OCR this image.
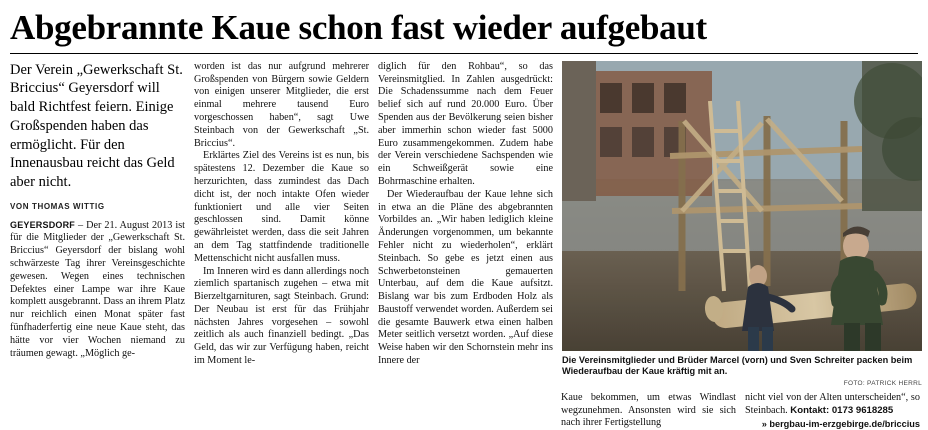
Abgebrannte Kaue schon fast wieder aufgebaut
Der Verein „Gewerkschaft St. Briccius“ Geyersdorf will bald Richtfest feiern. Einige Großspenden haben das ermöglicht. Für den Innenausbau reicht das Geld aber nicht.
VON THOMAS WITTIG

GEYERSDORF – Der 21. August 2013 ist für die Mitglieder der „Gewerkschaft St. Briccius“ Geyersdorf der bislang wohl schwärzeste Tag ihrer Vereinsgeschichte gewesen. Wegen eines technischen Defektes einer Lampe war ihre Kaue komplett ausgebrannt. Dass an ihrem Platz nur reichlich einen Monat später fast fünfhaderfertig eine neue Kaue steht, das hätte vor vier Wochen niemand zu träumen gewagt. „Möglich ge-

worden ist das nur aufgrund mehrerer Großspenden von Bürgern sowie Geldern von einigen unserer Mitglieder, die erst einmal mehrere tausend Euro vorgeschossen haben“, sagt Uwe Steinbach von der Gewerkschaft „St. Briccius“.

Erklärtes Ziel des Vereins ist es nun, bis spätestens 12. Dezember die Kaue so herzurichten, dass zumindest das Dach dicht ist, der noch intakte Ofen wieder funktioniert und alle vier Seiten geschlossen sind. Damit könne gewährleistet werden, dass die seit Jahren an dem Tag stattfindende traditionelle Mettenschicht nicht ausfallen muss.

Im Inneren wird es dann allerdings noch ziemlich spartanisch zugehen – etwa mit Bierzeltgarnituren, sagt Steinbach. Grund: Der Neubau ist erst für das Frühjahr nächsten Jahres vorgesehen – sowohl zeitlich als auch finanziell bedingt. „Das Geld, das wir zur Verfügung haben, reicht im Moment le-

diglich für den Rohbau“, so das Vereinsmitglied. In Zahlen ausgedrückt: Die Schadenssumme nach dem Feuer belief sich auf rund 20.000 Euro. Über Spenden aus der Bevölkerung seien bisher aber immerhin schon wieder fast 5000 Euro zusammengekommen. Zudem habe der Verein verschiedene Sachspenden wie ein Schweißgerät sowie eine Bohrmaschine erhalten.

Der Wiederaufbau der Kaue lehne sich in etwa an die Pläne des abgebrannten Vorbildes an. „Wir haben lediglich kleine Änderungen vorgenommen, um bekannte Fehler nicht zu wiederholen“, erklärt Steinbach. So gebe es jetzt einen aus Schwerbetonsteinen gemauerten Unterbau, auf dem die Kaue aufsitzt. Bislang war bis zum Erdboden Holz als Baustoff verwendet worden. Außerdem sei die gesamte Bauwerk etwa einen halben Meter seitlich versetzt worden. „Auf diese Weise haben wir den Schornstein mehr ins Innere der	Die Vereinsmitglieder und Brüder Marcel (vorn) und Sven Schreiter packen beim Wiederaufbau der Kaue kräftig mit an.
FOTO: PATRICK HERRL

Kaue bekommen, um etwas Windlast wegzunehmen. Ansonsten wird sie sich nach ihrer Fertigstellung

nicht viel von der Alten unterscheiden“, so Steinbach. Kontakt: 0173 9618285

» bergbau-im-erzgebirge.de/briccius
